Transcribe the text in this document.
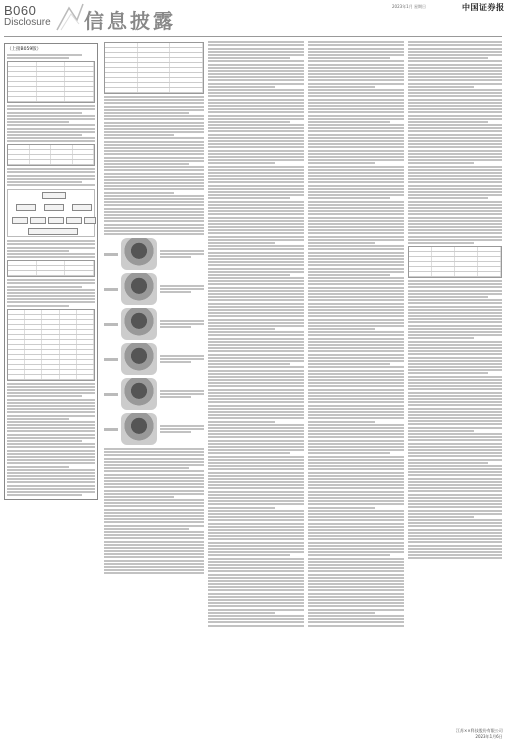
B060
Disclosure 信息披露
2023年1月 星期日	中国证券报
（上接B059版）
江苏××科技股份有限公司
2023年1月6日
